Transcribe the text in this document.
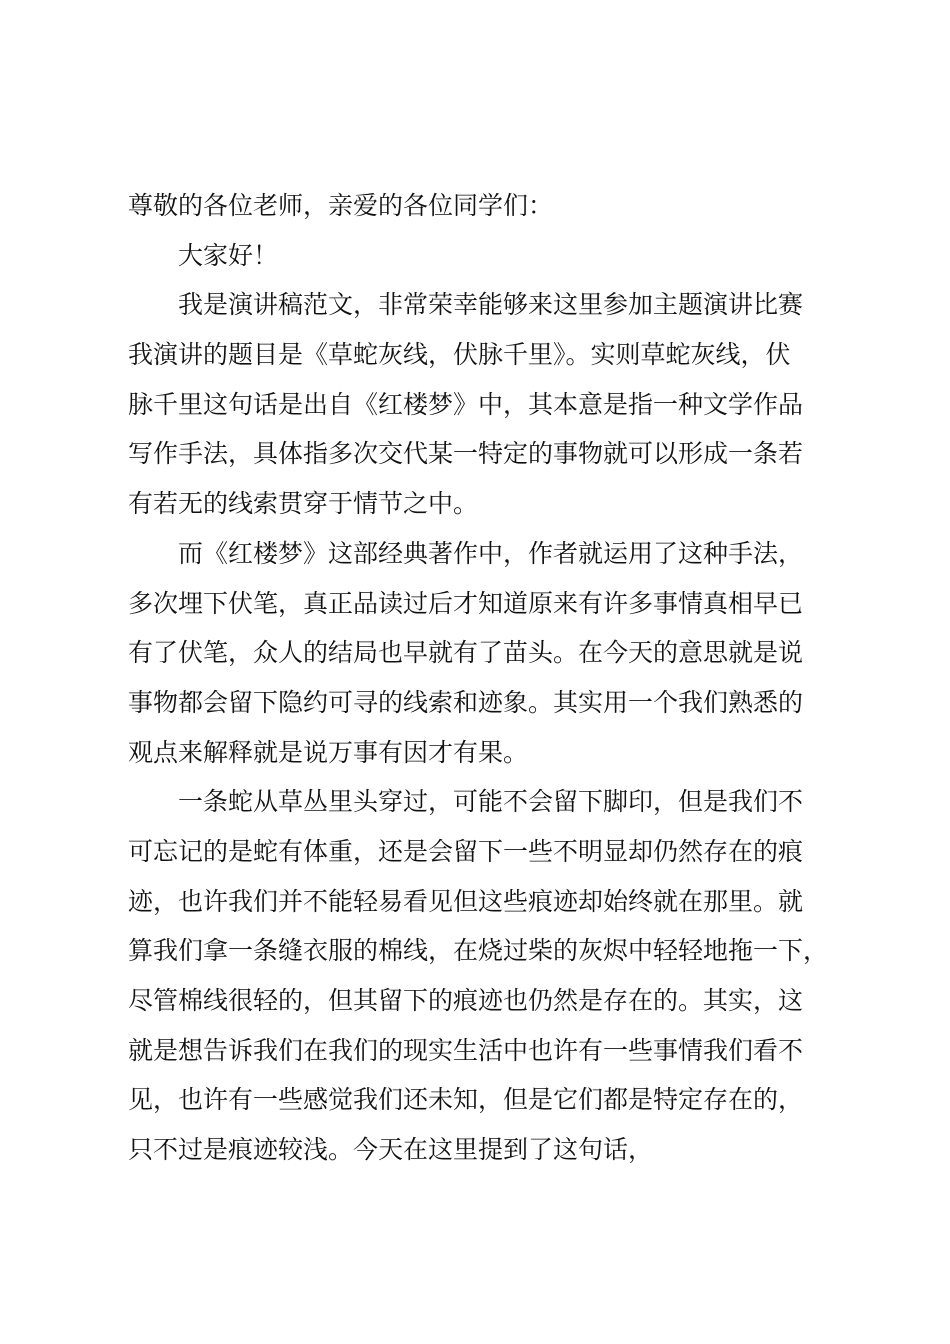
尊敬的各位老师，亲爱的各位同学们：
大家好！
我是演讲稿范文，非常荣幸能够来这里参加主题演讲比赛
我演讲的题目是《草蛇灰线，伏脉千里》。实则草蛇灰线，伏
脉千里这句话是出自《红楼梦》中，其本意是指一种文学作品
写作手法，具体指多次交代某一特定的事物就可以形成一条若
有若无的线索贯穿于情节之中。
而《红楼梦》这部经典著作中，作者就运用了这种手法，
多次埋下伏笔，真正品读过后才知道原来有许多事情真相早已
有了伏笔，众人的结局也早就有了苗头。在今天的意思就是说
事物都会留下隐约可寻的线索和迹象。其实用一个我们熟悉的
观点来解释就是说万事有因才有果。
一条蛇从草丛里头穿过，可能不会留下脚印，但是我们不
可忘记的是蛇有体重，还是会留下一些不明显却仍然存在的痕
迹，也许我们并不能轻易看见但这些痕迹却始终就在那里。就
算我们拿一条缝衣服的棉线，在烧过柴的灰烬中轻轻地拖一下，
尽管棉线很轻的，但其留下的痕迹也仍然是存在的。其实，这
就是想告诉我们在我们的现实生活中也许有一些事情我们看不
见，也许有一些感觉我们还未知，但是它们都是特定存在的，
只不过是痕迹较浅。今天在这里提到了这句话，
